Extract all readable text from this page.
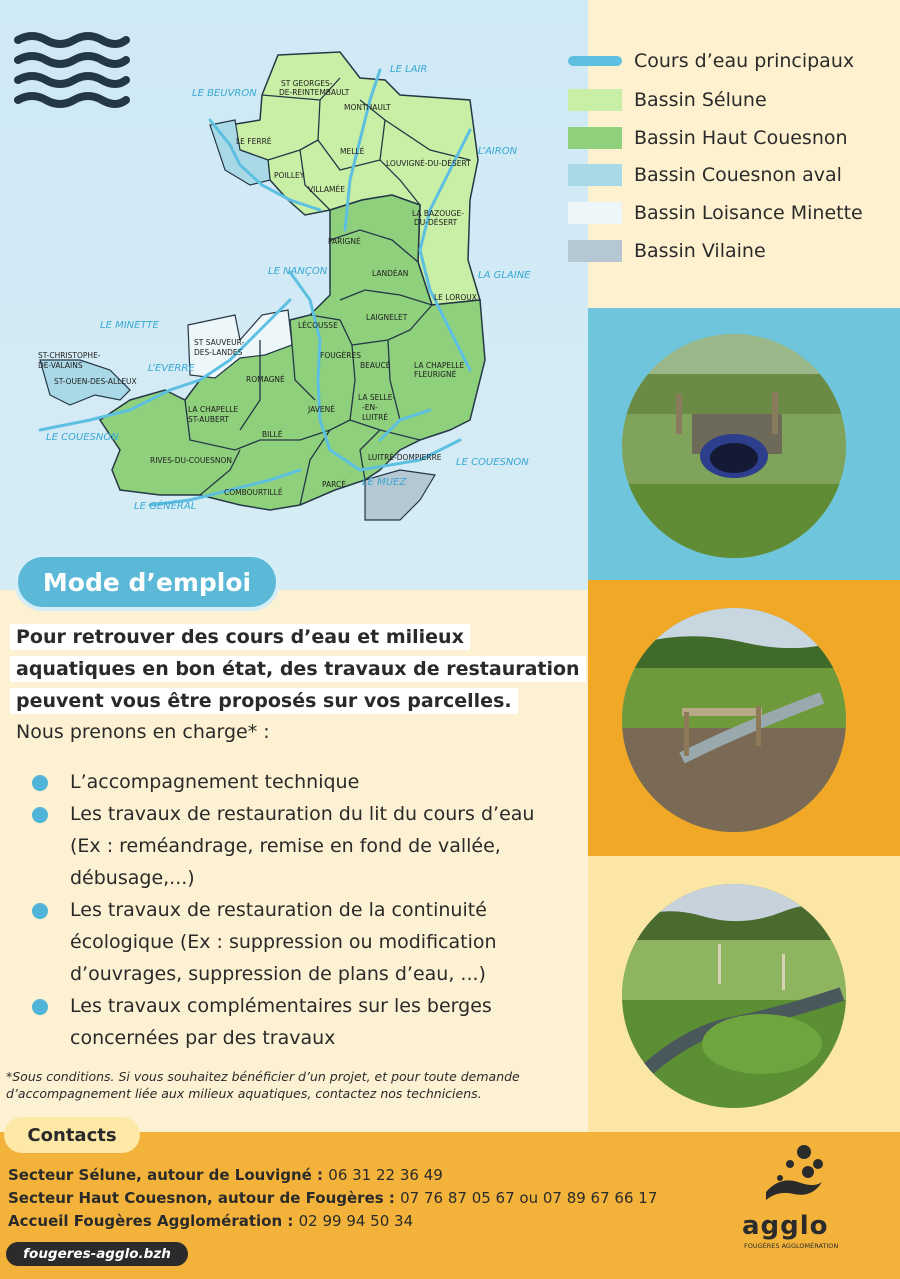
LE BEUVRON
LE LAIR
L’AIRON
LE NANÇON	LA GLAINE
LE MINETTE
L’EVERRE
LE COUESNON
LE COUESNON
LE MUEZ
LE GÉNÉRAL
ST GEORGES-
DE-REINTEMBAULT
MONTHAULT
LE FERRÉ
MELLÉ
LOUVIGNÉ-DU-DÉSERT
POILLEY
VILLAMÉE
LA BAZOUGE-
DU-DÉSERT
PARIGNÉ
LANDÉAN
LE LOROUX
LAIGNELET
LÉCOUSSE
FOUGÈRES
BEAUCÉ
ST SAUVEUR-
DES-LANDES
ST-CHRISTOPHE-
DE-VALAINS
ST-OUEN-DES-ALLEUX	ROMAGNÉ
LA CHAPELLE
FLEURIGNÉ
LA CHAPELLE
ST-AUBERT
JAVENÉ
LA SELLE-
-EN-
LUITRÉ
BILLÉ
RIVES-DU-COUESNON	LUITRÉ-DOMPIERRE
PARCÉ
COMBOURTILLÉ
Cours d’eau principaux
Bassin Sélune
Bassin Haut Couesnon
Bassin Couesnon aval
Bassin Loisance Minette
Bassin Vilaine
Mode d’emploi
Pour retrouver des cours d’eau et milieux
aquatiques en bon état, des travaux de restauration
peuvent vous être proposés sur vos parcelles.
Nous prenons en charge* :
L’accompagnement technique
Les travaux de restauration du lit du cours d’eau (Ex : reméandrage, remise en fond de vallée, débusage,...)
Les travaux de restauration de la continuité écologique (Ex : suppression ou modification d’ouvrages, suppression de plans d’eau, ...)
Les travaux complémentaires sur les berges concernées par des travaux
*Sous conditions. Si vous souhaitez bénéficier d’un projet, et pour toute demande d’accompagnement liée aux milieux aquatiques, contactez nos techniciens.
Contacts
Secteur Sélune, autour de Louvigné : 06 31 22 36 49
Secteur Haut Couesnon, autour de Fougères : 07 76 87 05 67 ou 07 89 67 66 17
Accueil Fougères Agglomération : 02 99 94 50 34
fougeres-agglo.bzh
agglo
FOUGÈRES AGGLOMÉRATION
